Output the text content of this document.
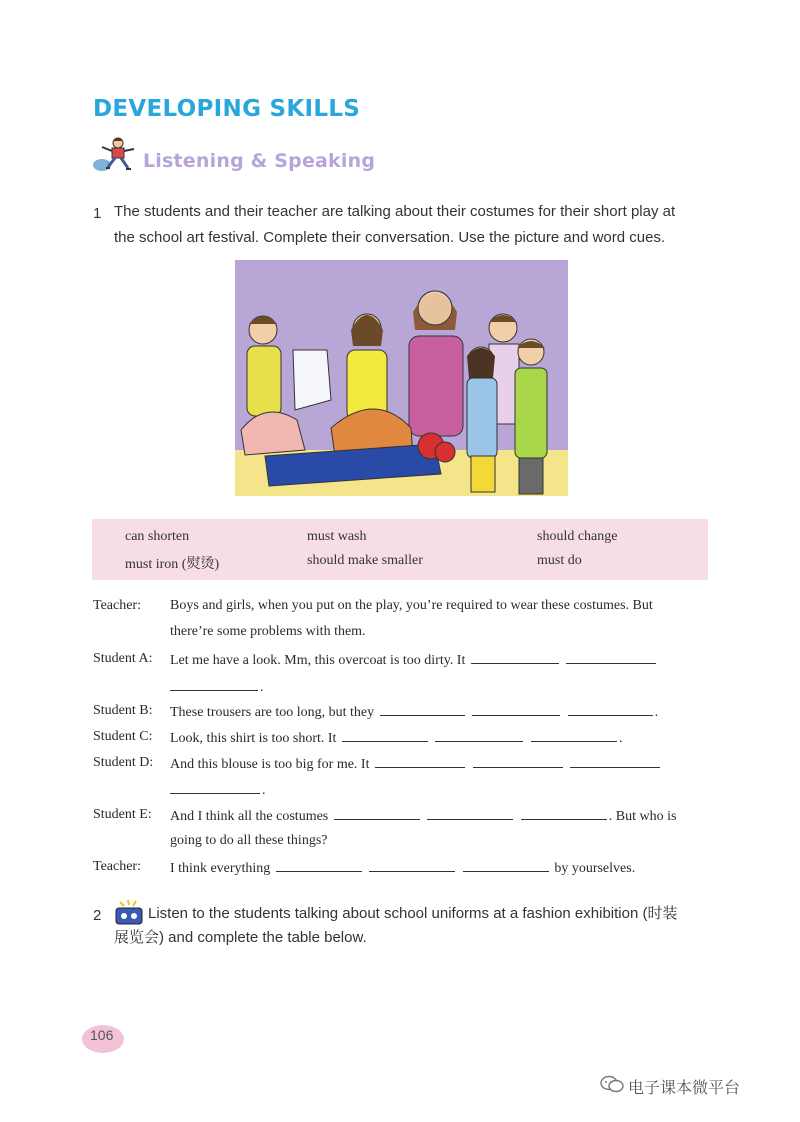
DEVELOPING SKILLS
Listening & Speaking
1 The students and their teacher are talking about their costumes for their short play at
the school art festival. Complete their conversation. Use the picture and word cues.
can shorten	must wash	should change
must iron (熨烫)	should make smaller	must do
Teacher: Boys and girls, when you put on the play, you’re required to wear these costumes. But
there’re some problems with them.
Student A: Let me have a look. Mm, this overcoat is too dirty. It
.
Student B: These trousers are too long, but they	.
Student C: Look, this shirt is too short. It	.
Student D: And this blouse is too big for me. It
.
Student E: And I think all the costumes	. But who is
going to do all these things?
Teacher: I think everything	by yourselves.
2	Listen to the students talking about school uniforms at a fashion exhibition (时装
展览会) and complete the table below.
106
电子课本微平台
